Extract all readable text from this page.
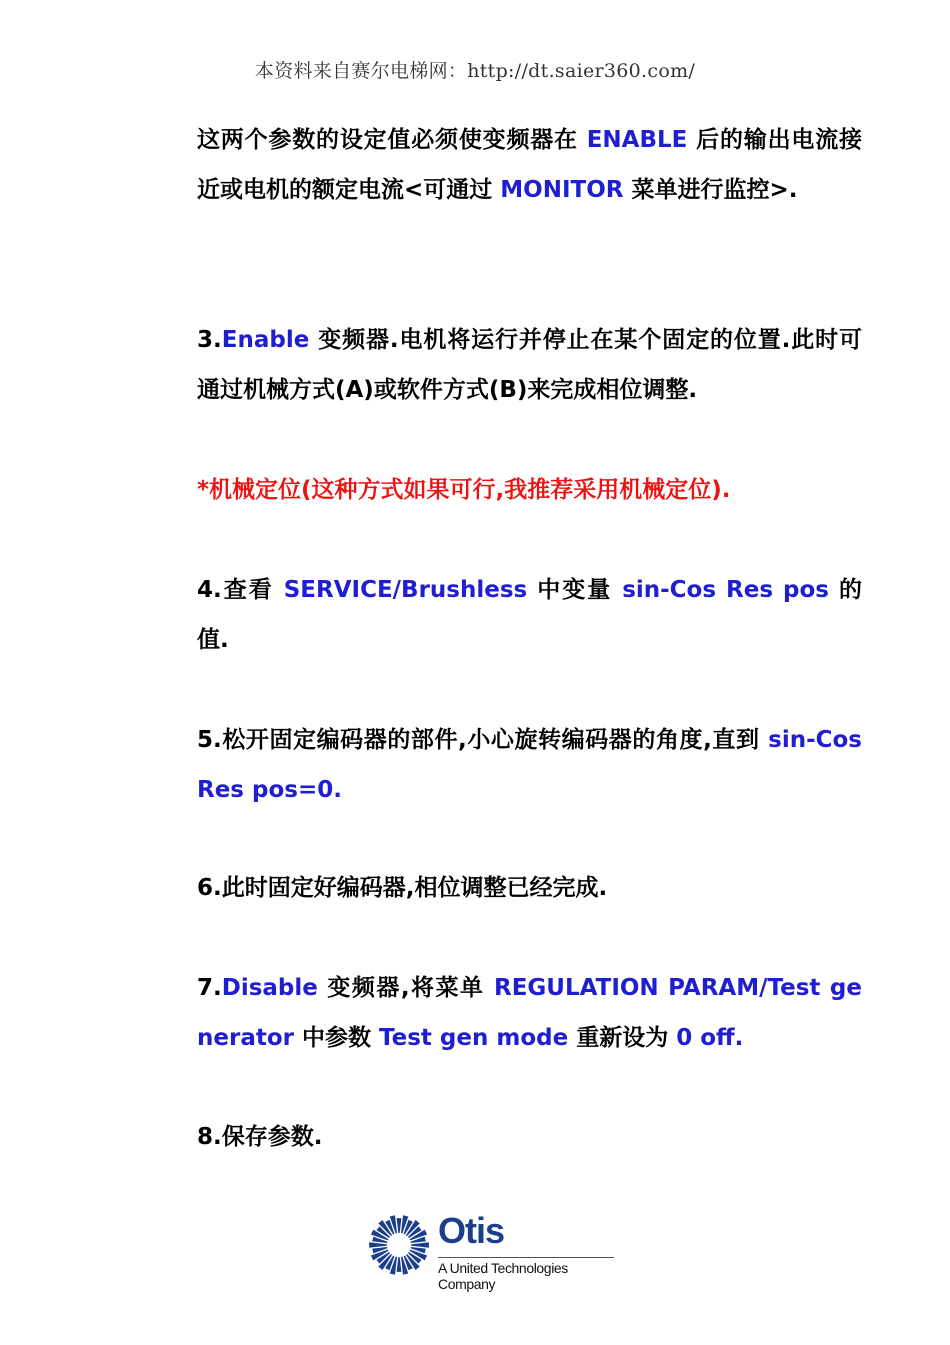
本资料来自赛尔电梯网：http://dt.saier360.com/
这两个参数的设定值必须使变频器在 ENABLE 后的输出电流接近或电机的额定电流<可通过 MONITOR 菜单进行监控>.
3.Enable 变频器.电机将运行并停止在某个固定的位置.此时可通过机械方式(A)或软件方式(B)来完成相位调整.
*机械定位(这种方式如果可行,我推荐采用机械定位).
4.查看 SERVICE/Brushless 中变量 sin-Cos Res pos 的值.
5.松开固定编码器的部件,小心旋转编码器的角度,直到 sin-Cos Res pos=0.
6.此时固定好编码器,相位调整已经完成.
7.Disable 变频器,将菜单 REGULATION PARAM/Test generator 中参数 Test gen mode 重新设为 0 off.
8.保存参数.
Otis
A United Technologies Company
